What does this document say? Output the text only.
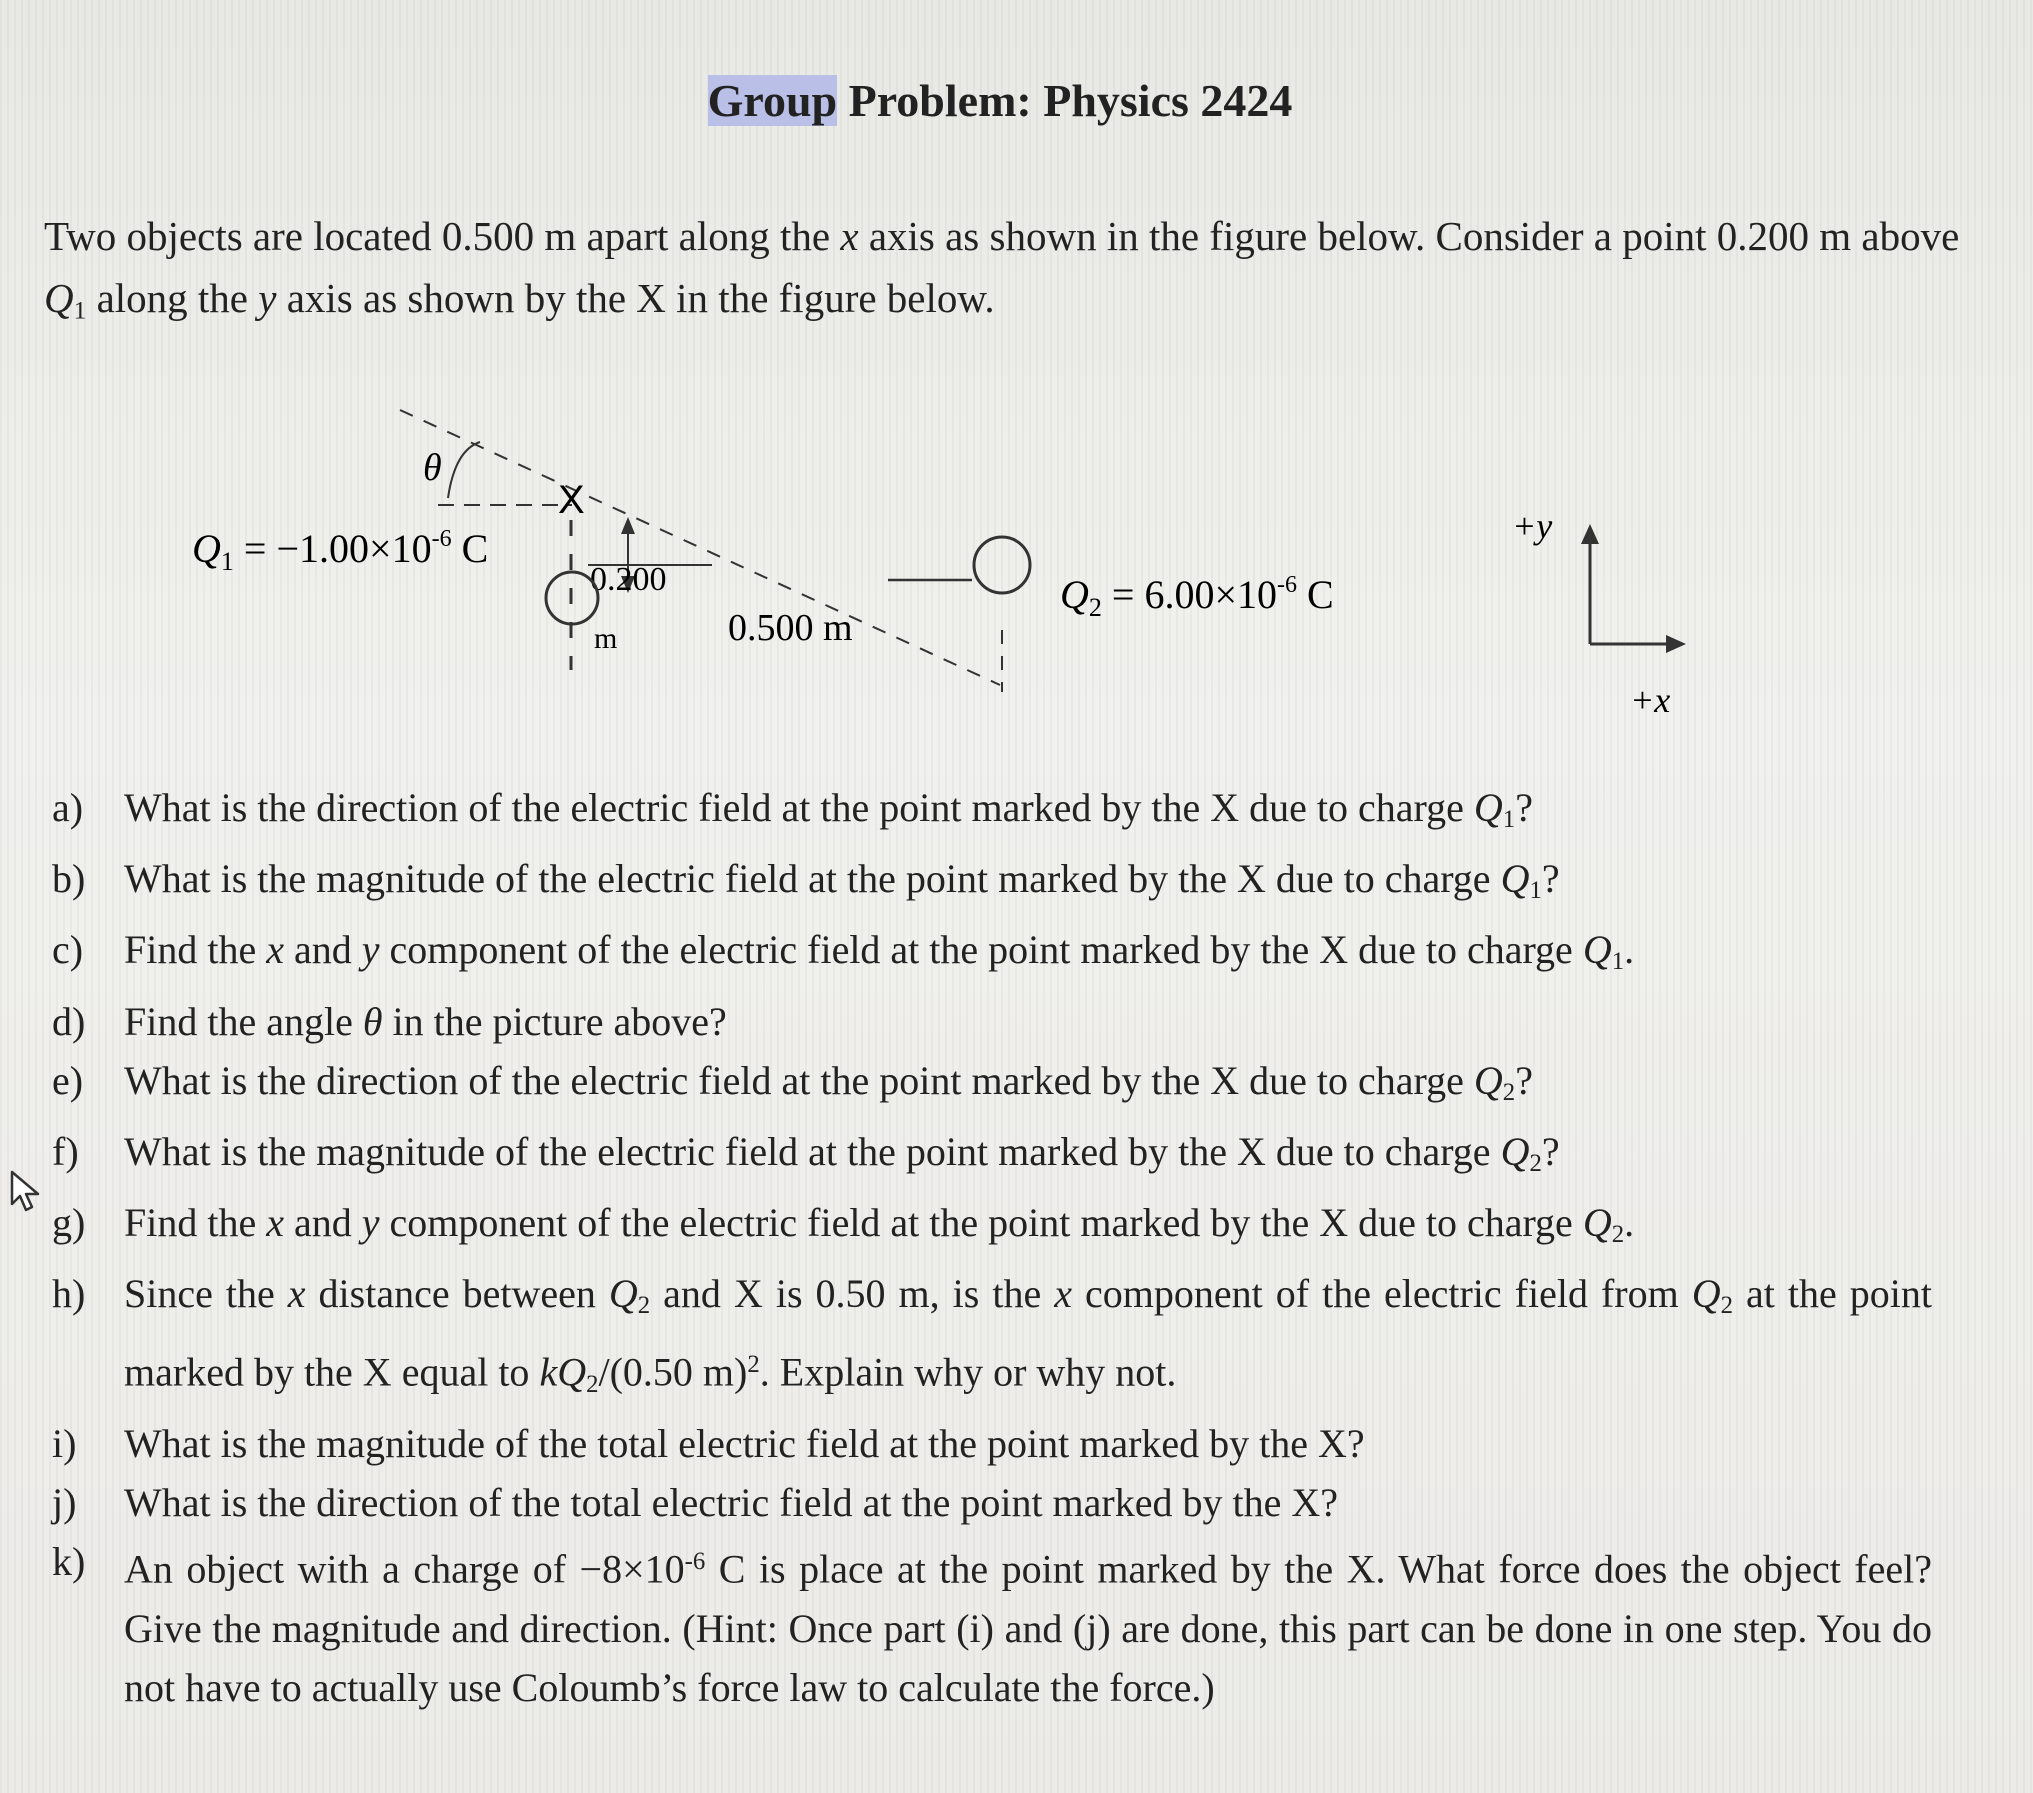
Group Problem: Physics 2424

Two objects are located 0.500 m apart along the x axis as shown in the figure below. Consider a point 0.200 m above $Q_1$ along the y axis as shown by the X in the figure below.

θ
X
0.200
m
$Q_1 = -1.00\times 10^{-6}$ C
0.500 m
$Q_2 = 6.00\times 10^{-6}$ C
+y
+x
a) What is the direction of the electric field at the point marked by the X due to charge $Q_1$?
b) What is the magnitude of the electric field at the point marked by the X due to charge $Q_1$?
c) Find the x and y component of the electric field at the point marked by the X due to charge $Q_1$.
d) Find the angle θ in the picture above?
e) What is the direction of the electric field at the point marked by the X due to charge $Q_2$?
f) What is the magnitude of the electric field at the point marked by the X due to charge $Q_2$?
g) Find the x and y component of the electric field at the point marked by the X due to charge $Q_2$.
h) Since the x distance between $Q_2$ and X is 0.50 m, is the x component of the electric field from $Q_2$ at the point marked by the X equal to $kQ_2/(0.50$ m)$^2$. Explain why or why not.
i) What is the magnitude of the total electric field at the point marked by the X?
j) What is the direction of the total electric field at the point marked by the X?
k) An object with a charge of $-8\times 10^{-6}$ C is place at the point marked by the X. What force does the object feel? Give the magnitude and direction. (Hint: Once part (i) and (j) are done, this part can be done in one step. You do not have to actually use Coloumb’s force law to calculate the force.)
